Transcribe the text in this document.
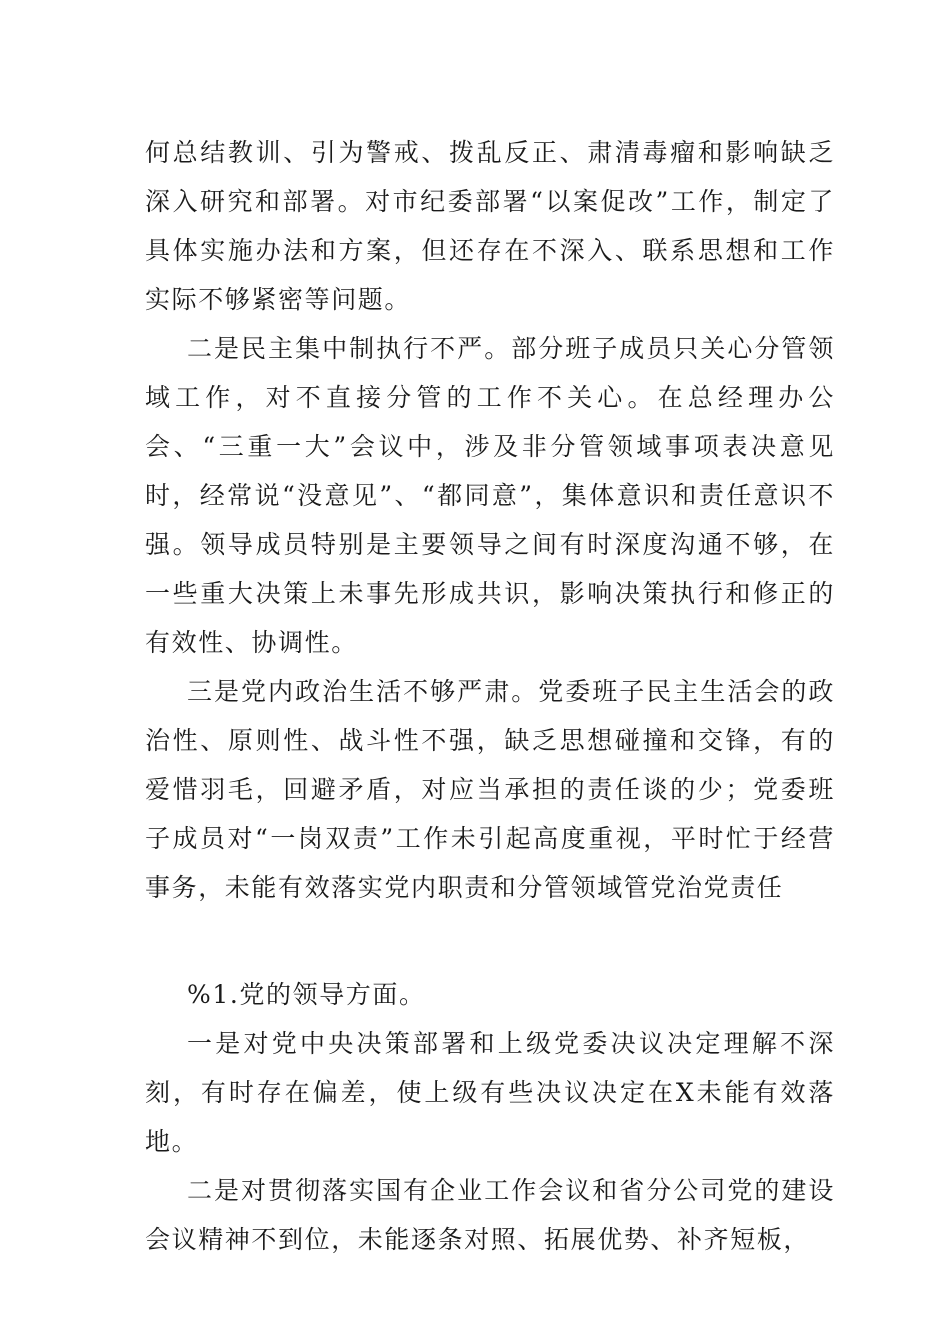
何总结教训、引为警戒、拨乱反正、肃清毒瘤和影响缺乏深入研究和部署。对市纪委部署“以案促改”工作，制定了具体实施办法和方案，但还存在不深入、联系思想和工作实际不够紧密等问题。

二是民主集中制执行不严。部分班子成员只关心分管领域工作，对不直接分管的工作不关心。在总经理办公会、“三重一大”会议中，涉及非分管领域事项表决意见时，经常说“没意见”、“都同意”，集体意识和责任意识不强。领导成员特别是主要领导之间有时深度沟通不够，在一些重大决策上未事先形成共识，影响决策执行和修正的有效性、协调性。

三是党内政治生活不够严肃。党委班子民主生活会的政治性、原则性、战斗性不强，缺乏思想碰撞和交锋，有的爱惜羽毛，回避矛盾，对应当承担的责任谈的少；党委班子成员对“一岗双责”工作未引起高度重视，平时忙于经营事务，未能有效落实党内职责和分管领域管党治党责任

%1.党的领导方面。

一是对党中央决策部署和上级党委决议决定理解不深刻，有时存在偏差，使上级有些决议决定在X未能有效落地。

二是对贯彻落实国有企业工作会议和省分公司党的建设会议精神不到位，未能逐条对照、拓展优势、补齐短板，
